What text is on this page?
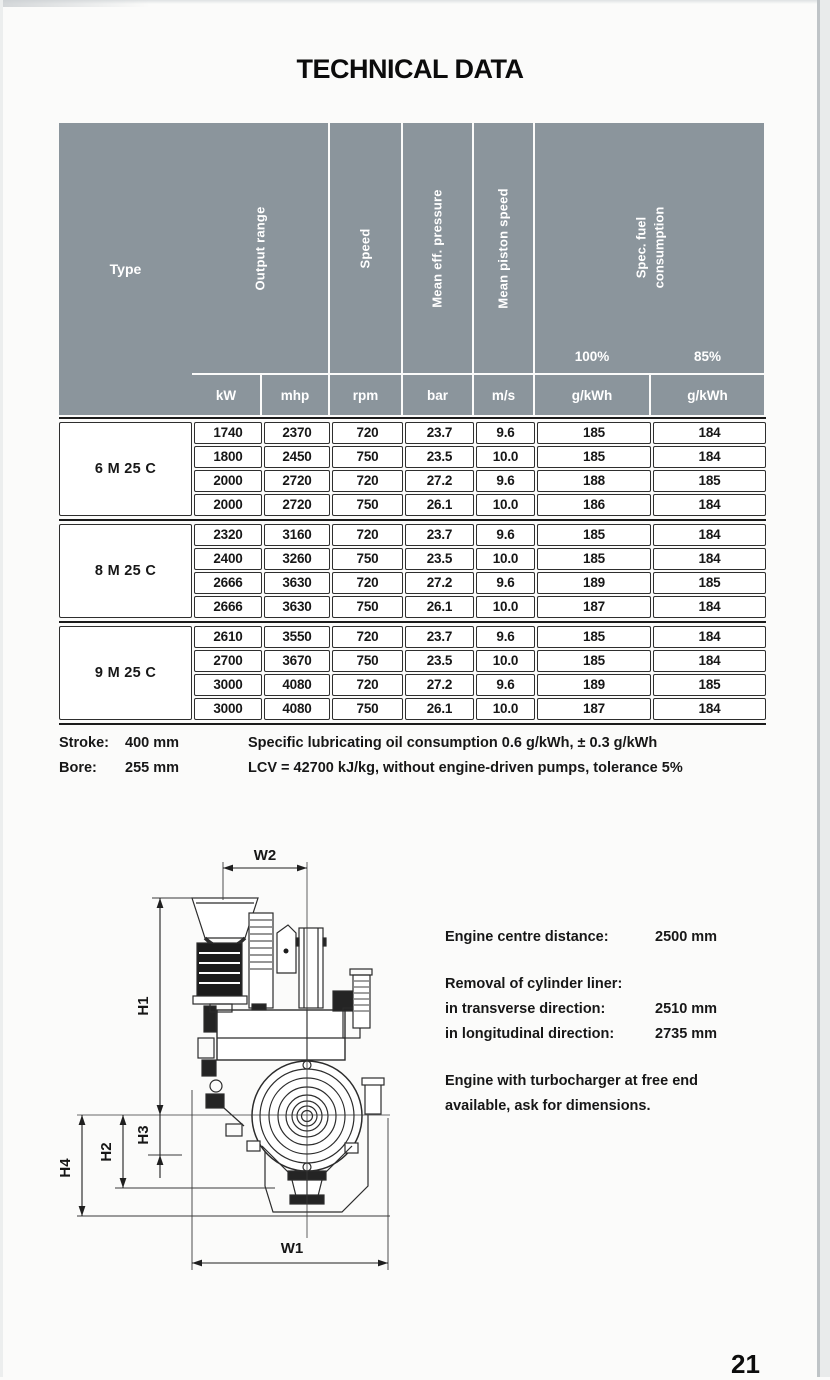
TECHNICAL DATA
Type	Output range	Speed	Mean eff. pressure	Mean piston speed	Spec. fuel consumption
100%	85%
kW	mhp	rpm	bar	m/s	g/kWh	g/kWh
6 M 25 C
1740	2370	720	23.7	9.6	185	184
1800	2450	750	23.5	10.0	185	184
2000	2720	720	27.2	9.6	188	185
2000	2720	750	26.1	10.0	186	184
8 M 25 C
2320	3160	720	23.7	9.6	185	184
2400	3260	750	23.5	10.0	185	184
2666	3630	720	27.2	9.6	189	185
2666	3630	750	26.1	10.0	187	184
9 M 25 C
2610	3550	720	23.7	9.6	185	184
2700	3670	750	23.5	10.0	185	184
3000	4080	720	27.2	9.6	189	185
3000	4080	750	26.1	10.0	187	184
Stroke: 400 mm
Bore: 255 mm
Specific lubricating oil consumption 0.6 g/kWh, ± 0.3 g/kWh
LCV = 42700 kJ/kg, without engine-driven pumps, tolerance 5%
W2
H1
H3
H2
H4
W1
Engine centre distance:	2500 mm
Removal of cylinder liner:
in transverse direction:	2510 mm
in longitudinal direction:	2735 mm
Engine with turbocharger at free end
available, ask for dimensions.
21
